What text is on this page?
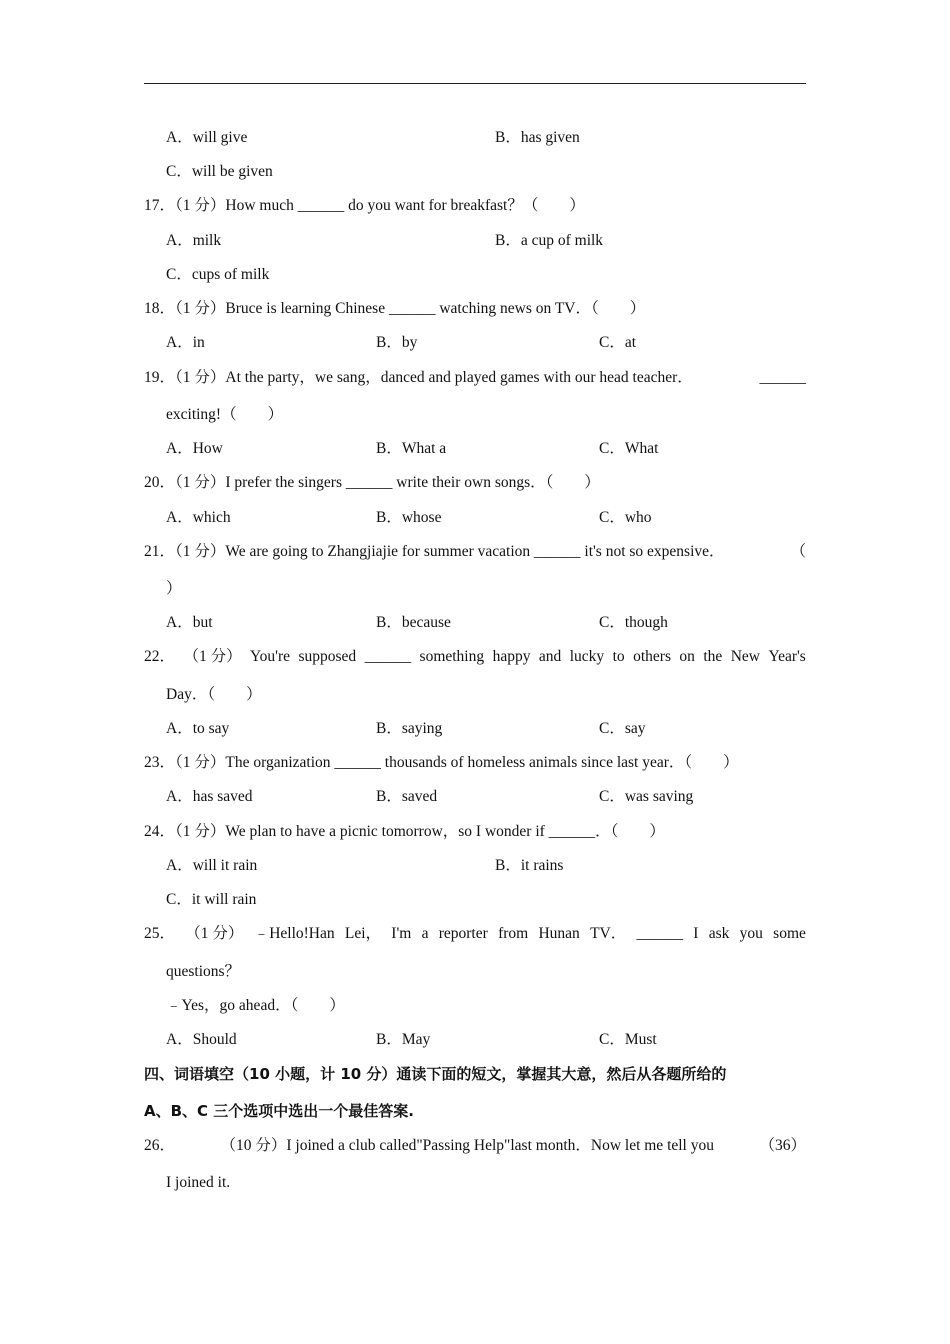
A．will give	B．has given
C．will be given
17．（1 分）How much ______ do you want for breakfast？（　　）
A．milk	B．a cup of milk
C．cups of milk
18．（1 分）Bruce is learning Chinese ______ watching news on TV．（　　）
A．in	B．by	C．at
19．（1 分）At the party，we sang，danced and played games with our head teacher．	______
exciting!（　　）
A．How	B．What a	C．What
20．（1 分）I prefer the singers ______ write their own songs．（　　）
A．which	B．whose	C．who
21．（1 分）We are going to Zhangjiajie for summer vacation ______ it's not so expensive．	（
）
A．but	B．because	C．though
22． （1 分） You're supposed ______ something happy and lucky to others on the New Year's
Day．（　　）
A．to say	B．saying	C．say
23．（1 分）The organization ______ thousands of homeless animals since last year．（　　）
A．has saved	B．saved	C．was saving
24．（1 分）We plan to have a picnic tomorrow，so I wonder if ______．（　　）
A．will it rain	B．it rains
C．it will rain
25． （1 分） ﹣Hello!Han Lei， I'm a reporter from Hunan TV． ______ I ask you some
questions？
﹣Yes，go ahead．（　　）
A．Should	B．May	C．Must
四、词语填空（10 小题，计 10 分）通读下面的短文，掌握其大意，然后从各题所给的
A、B、C 三个选项中选出一个最佳答案.
26．	（10 分）I joined a club called"Passing Help"last month．Now let me tell you	（36）
I joined it.
